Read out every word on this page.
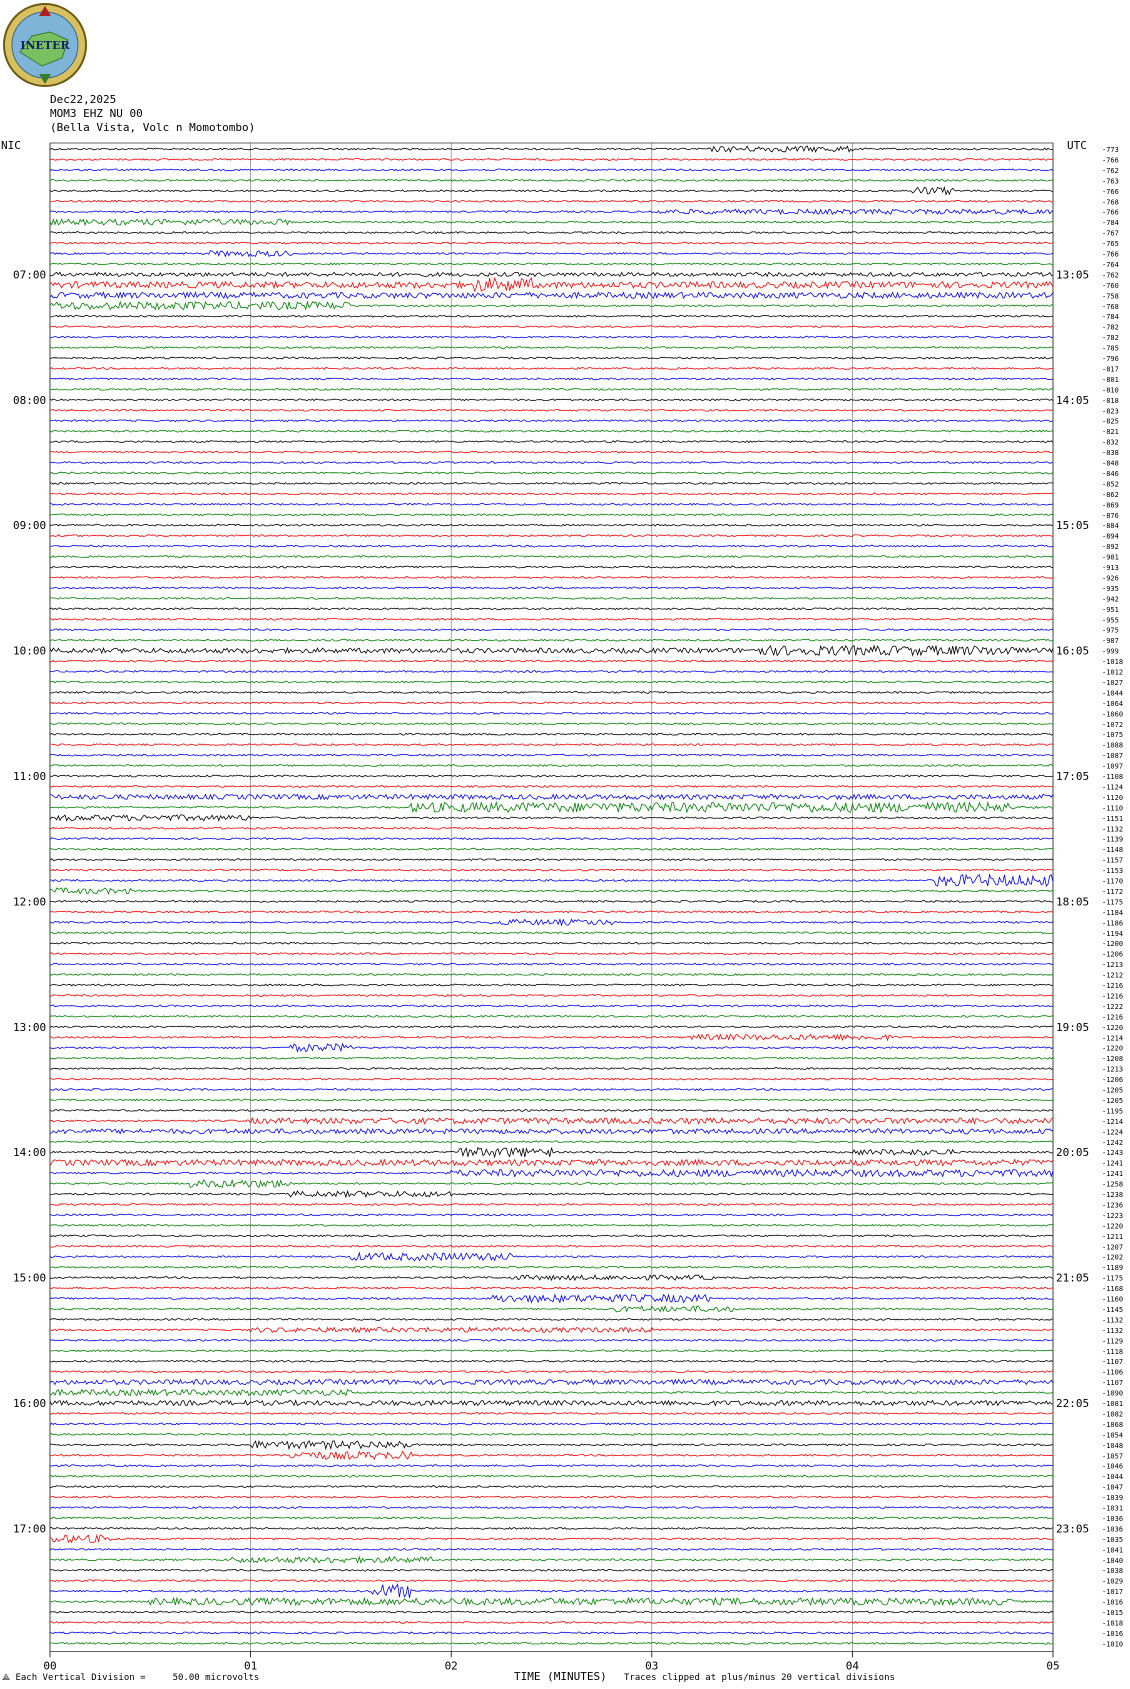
-773
-766
-762
-763
-766
-768
-766
-784
-767
-765
-766
-764
-762
-760
-758
-768
-784
-782
-782
-785
-796
-817
-801
-810
-818
-823
-825
-821
-832
-838
-848
-846
-852
-862
-869
-876
-884
-894
-892
-901
-913
-926
-935
-942
-951
-955
-975
-987
-999
-1018
-1012
-1027
-1044
-1064
-1060
-1072
-1075
-1088
-1087
-1097
-1108
-1124
-1120
-1110
-1151
-1132
-1139
-1148
-1157
-1153
-1170
-1172
-1175
-1184
-1186
-1194
-1200
-1206
-1213
-1212
-1216
-1216
-1222
-1216
-1220
-1214
-1220
-1208
-1213
-1206
-1205
-1205
-1195
-1214
-1224
-1242
-1243
-1241
-1241
-1258
-1238
-1236
-1223
-1220
-1211
-1207
-1202
-1189
-1175
-1168
-1160
-1145
-1132
-1132
-1129
-1118
-1107
-1106
-1107
-1090
-1081
-1082
-1068
-1054
-1048
-1057
-1046
-1044
-1047
-1039
-1031
-1036
-1036
-1035
-1041
-1040
-1038
-1029
-1017
-1016
-1015
-1018
-1016
-1010
07:00	13:05
08:00	14:05
09:00	15:05
10:00	16:05
11:00	17:05
12:00	18:05
13:00	19:05
14:00	20:05
15:00	21:05
16:00	22:05
17:00	23:05
00	01	02	03	04	05
INETER
Dec22,2025
MOM3 EHZ NU 00
(Bella Vista, Volc n Momotombo)
NIC	UTC
⟁ Each Vertical Division =     50.00 microvolts	TIME (MINUTES) Traces clipped at plus/minus 20 vertical divisions
